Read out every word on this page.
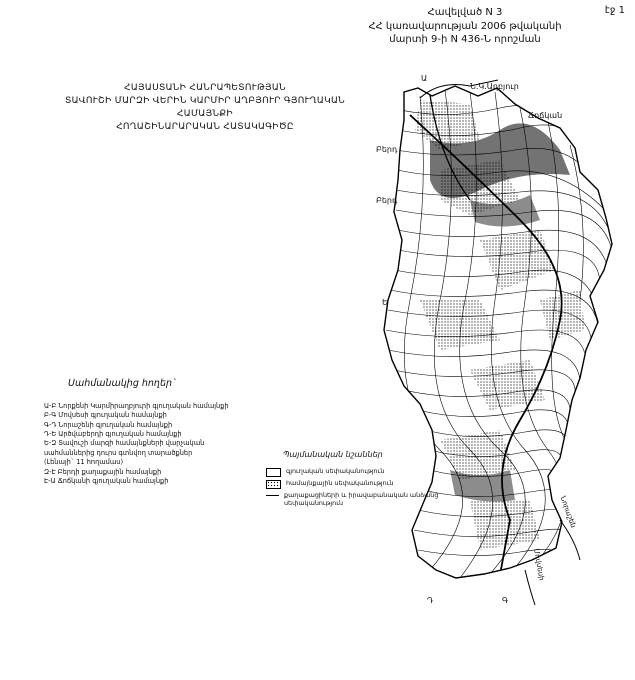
էջ 1
Հավելված N 3
ՀՀ կառավարության 2006 թվականի
մարտի 9-ի N 436-Ն որոշման
ՀԱՅԱՍՏԱՆԻ ՀԱՆՐԱՊԵՏՈՒԹՅԱՆ
ՏԱՎՈՒՇԻ ՄԱՐԶԻ ՎԵՐԻՆ ԿԱՐՄԻՐ ԱՂԲՅՈՒՐ ԳՅՈՒՂԱԿԱՆ ՀԱՄԱՅՆՔԻ
ՀՈՂԱՇԻՆԱՐԱՐԱԿԱՆ ՀԱՏԱԿԱԳԻԾԸ
Ա
Ն.Կ.Աղբյուր
Ճոճկան
Բերդ
Բերդ
Ե
Դ	Գ
Նորաշեն
Մովսեսի
Սահմանակից հողեր`
Ա-Բ Նորքենի Կարմիրաղբյուրի գյուղական համայնքի
Բ-Գ Մովսեսի գյուղական համայնքի
Գ-Դ Նորաշենի գյուղական համայնքի
Դ-Ե Արծվաբերդի գյուղական համայնքի
Ե-Զ Տավուշի մարզի համայնքների վարչական
սահմաններից դուրս գտնվող տարածքներ
(Լենայի` 11 հողամաս)
Զ-Է Բերդի քաղաքային համայնքի
Է-Ա Ճոճկանի գյուղական համայնքի
Պայմանական նշաններ
գյուղական սեփականություն
համայնքային սեփականություն
քաղաքացիների և իրավաբանական անձանց սեփականություն
